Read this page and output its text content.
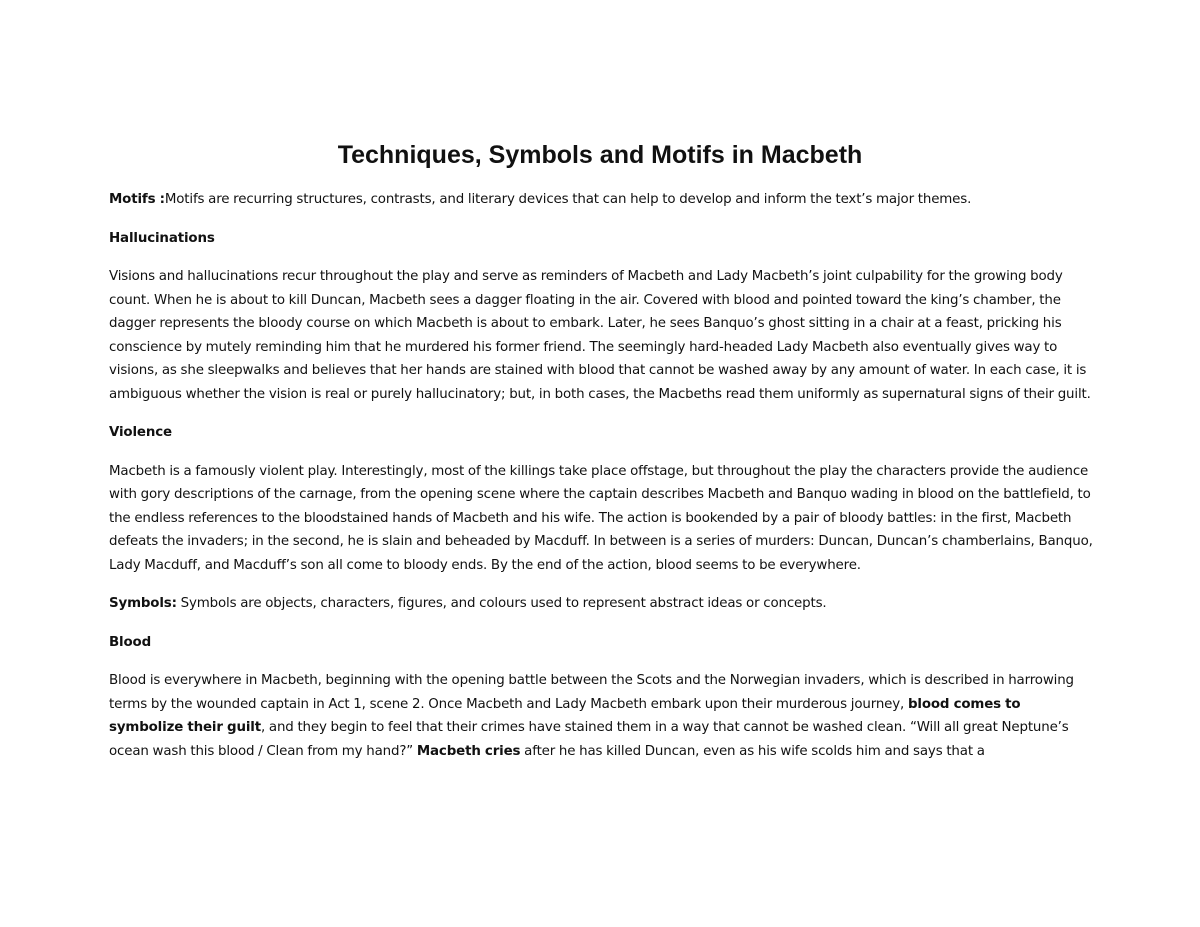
Techniques, Symbols and Motifs in Macbeth

Motifs :Motifs are recurring structures, contrasts, and literary devices that can help to develop and inform the text’s major themes.

Hallucinations

Visions and hallucinations recur throughout the play and serve as reminders of Macbeth and Lady Macbeth’s joint culpability for the growing body count. When he is about to kill Duncan, Macbeth sees a dagger floating in the air. Covered with blood and pointed toward the king’s chamber, the dagger represents the bloody course on which Macbeth is about to embark. Later, he sees Banquo’s ghost sitting in a chair at a feast, pricking his conscience by mutely reminding him that he murdered his former friend. The seemingly hard-headed Lady Macbeth also eventually gives way to visions, as she sleepwalks and believes that her hands are stained with blood that cannot be washed away by any amount of water. In each case, it is ambiguous whether the vision is real or purely hallucinatory; but, in both cases, the Macbeths read them uniformly as supernatural signs of their guilt.

Violence

Macbeth is a famously violent play. Interestingly, most of the killings take place offstage, but throughout the play the characters provide the audience with gory descriptions of the carnage, from the opening scene where the captain describes Macbeth and Banquo wading in blood on the battlefield, to the endless references to the bloodstained hands of Macbeth and his wife. The action is bookended by a pair of bloody battles: in the first, Macbeth defeats the invaders; in the second, he is slain and beheaded by Macduff. In between is a series of murders: Duncan, Duncan’s chamberlains, Banquo, Lady Macduff, and Macduff’s son all come to bloody ends. By the end of the action, blood seems to be everywhere.

Symbols: Symbols are objects, characters, figures, and colours used to represent abstract ideas or concepts.

Blood

Blood is everywhere in Macbeth, beginning with the opening battle between the Scots and the Norwegian invaders, which is described in harrowing terms by the wounded captain in Act 1, scene 2. Once Macbeth and Lady Macbeth embark upon their murderous journey, blood comes to symbolize their guilt, and they begin to feel that their crimes have stained them in a way that cannot be washed clean. “Will all great Neptune’s ocean wash this blood / Clean from my hand?” Macbeth cries after he has killed Duncan, even as his wife scolds him and says that a
